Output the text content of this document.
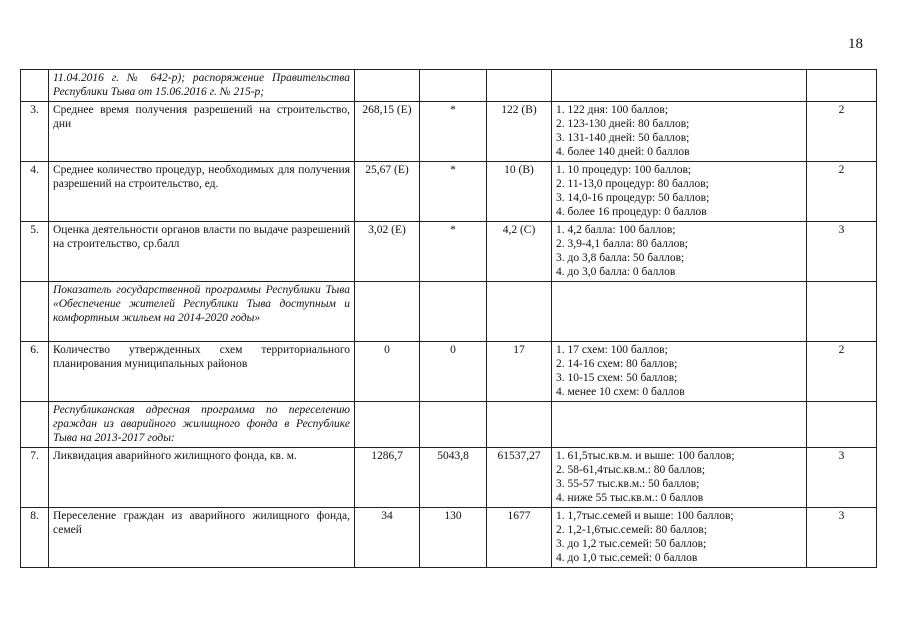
18
	11.04.2016 г. № 642-р); распоряжение Правительства Республики Тыва от 15.06.2016 г. № 215-р;					
3.	Среднее время получения разрешений на строительство, дни	268,15 (Е)	*	122 (В)	1. 122 дня: 100 баллов;
2. 123-130 дней: 80 баллов;
3. 131-140 дней: 50 баллов;
4. более 140 дней: 0 баллов	2
4.	Среднее количество процедур, необходимых для получения разрешений на строительство, ед.	25,67 (Е)	*	10 (В)	1. 10 процедур: 100 баллов;
2. 11-13,0 процедур: 80 баллов;
3. 14,0-16 процедур: 50 баллов;
4. более 16 процедур: 0 баллов	2
5.	Оценка деятельности органов власти по выдаче разрешений на строительство, ср.балл	3,02 (Е)	*	4,2 (С)	1. 4,2 балла: 100 баллов;
2. 3,9-4,1 балла: 80 баллов;
3. до 3,8 балла: 50 баллов;
4. до 3,0 балла: 0 баллов	3
	Показатель государственной программы Республики Тыва «Обеспечение жителей Республики Тыва доступным и комфортным жильем на 2014-2020 годы»					
6.	Количество утвержденных схем территориального планирования муниципальных районов	0	0	17	1. 17 схем: 100 баллов;
2. 14-16 схем: 80 баллов;
3. 10-15 схем: 50 баллов;
4. менее 10 схем: 0 баллов	2
	Республиканская адресная программа по переселению граждан из аварийного жилищного фонда в Республике Тыва на 2013-2017 годы:					
7.	Ликвидация аварийного жилищного фонда, кв. м.	1286,7	5043,8	61537,27	1. 61,5тыс.кв.м. и выше: 100 баллов;
2. 58-61,4тыс.кв.м.: 80 баллов;
3. 55-57 тыс.кв.м.: 50 баллов;
4. ниже 55 тыс.кв.м.: 0 баллов	3
8.	Переселение граждан из аварийного жилищного фонда, семей	34	130	1677	1. 1,7тыс.семей и выше: 100 баллов;
2. 1,2-1,6тыс.семей: 80 баллов;
3. до 1,2 тыс.семей: 50 баллов;
4. до 1,0 тыс.семей: 0 баллов	3
